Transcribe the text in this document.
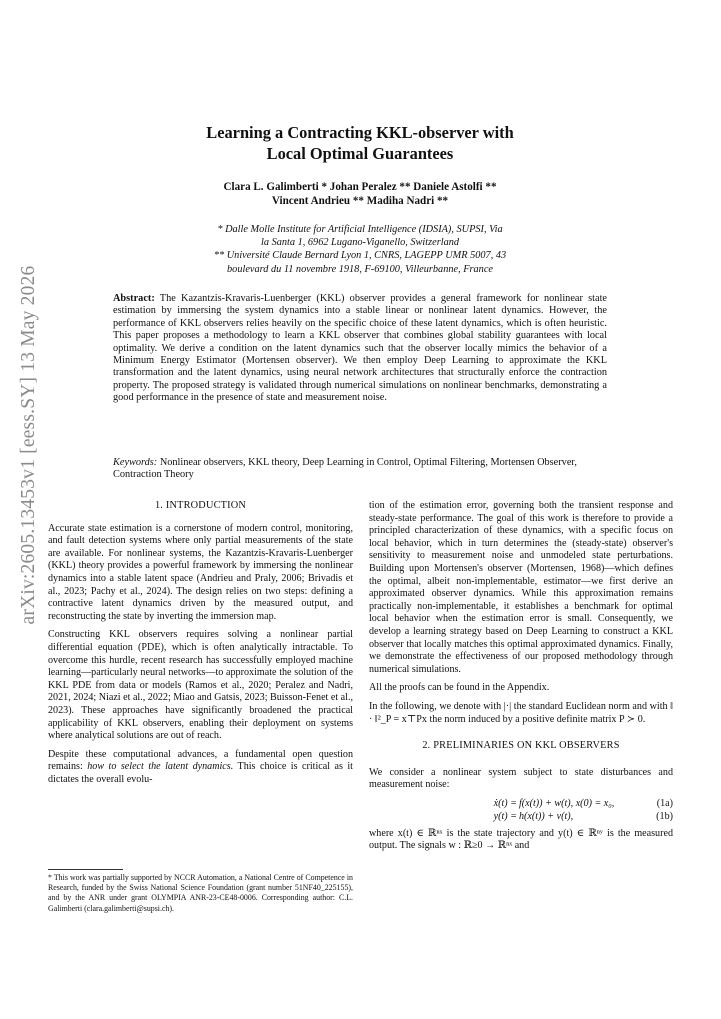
arXiv:2605.13453v1 [eess.SY] 13 May 2026
Learning a Contracting KKL-observer with
Local Optimal Guarantees
Clara L. Galimberti * Johan Peralez ** Daniele Astolfi **
Vincent Andrieu ** Madiha Nadri **
* Dalle Molle Institute for Artificial Intelligence (IDSIA), SUPSI, Via
la Santa 1, 6962 Lugano-Viganello, Switzerland
** Université Claude Bernard Lyon 1, CNRS, LAGEPP UMR 5007, 43
boulevard du 11 novembre 1918, F-69100, Villeurbanne, France
Abstract: The Kazantzis-Kravaris-Luenberger (KKL) observer provides a general framework for nonlinear state estimation by immersing the system dynamics into a stable linear or nonlinear latent dynamics. However, the performance of KKL observers relies heavily on the specific choice of these latent dynamics, which is often heuristic. This paper proposes a methodology to learn a KKL observer that combines global stability guarantees with local optimality. We derive a condition on the latent dynamics such that the observer locally mimics the behavior of a Minimum Energy Estimator (Mortensen observer). We then employ Deep Learning to approximate the KKL transformation and the latent dynamics, using neural network architectures that structurally enforce the contraction property. The proposed strategy is validated through numerical simulations on nonlinear benchmarks, demonstrating a good performance in the presence of state and measurement noise.
Keywords: Nonlinear observers, KKL theory, Deep Learning in Control, Optimal Filtering, Mortensen Observer, Contraction Theory
1. INTRODUCTION

Accurate state estimation is a cornerstone of modern control, monitoring, and fault detection systems where only partial measurements of the state are available. For nonlinear systems, the Kazantzis-Kravaris-Luenberger (KKL) theory provides a powerful framework by immersing the nonlinear dynamics into a stable latent space (Andrieu and Praly, 2006; Brivadis et al., 2023; Pachy et al., 2024). The design relies on two steps: defining a contractive latent dynamics driven by the measured output, and reconstructing the state by inverting the immersion map.

Constructing KKL observers requires solving a nonlinear partial differential equation (PDE), which is often analytically intractable. To overcome this hurdle, recent research has successfully employed machine learning—particularly neural networks—to approximate the solution of the KKL PDE from data or models (Ramos et al., 2020; Peralez and Nadri, 2021, 2024; Niazi et al., 2022; Miao and Gatsis, 2023; Buisson-Fenet et al., 2023). These approaches have significantly broadened the practical applicability of KKL observers, enabling their deployment on systems where analytical solutions are out of reach.

Despite these computational advances, a fundamental open question remains: how to select the latent dynamics. This choice is critical as it dictates the overall evolu-

* This work was partially supported by NCCR Automation, a National Centre of Competence in Research, funded by the Swiss National Science Foundation (grant number 51NF40_225155), and by the ANR under grant OLYMPIA ANR-23-CE48-0006. Corresponding author: C.L. Galimberti (clara.galimberti@supsi.ch).

tion of the estimation error, governing both the transient response and steady-state performance. The goal of this work is therefore to provide a principled characterization of these dynamics, with a specific focus on local behavior, which in turn determines the (steady-state) observer's sensitivity to measurement noise and unmodeled state perturbations. Building upon Mortensen's observer (Mortensen, 1968)—which defines the optimal, albeit non-implementable, estimator—we first derive an approximated observer dynamics. While this approximation remains practically non-implementable, it establishes a benchmark for optimal local behavior when the estimation error is small. Consequently, we develop a learning strategy based on Deep Learning to construct a KKL observer that locally matches this optimal approximated dynamics. Finally, we demonstrate the effectiveness of our proposed methodology through numerical simulations.

All the proofs can be found in the Appendix.

In the following, we denote with |·| the standard Euclidean norm and with ‖ · ‖²_P = x⊤Px the norm induced by a positive definite matrix P ≻ 0.

2. PRELIMINARIES ON KKL OBSERVERS

We consider a nonlinear system subject to state disturbances and measurement noise:

ẋ(t) = f(x(t)) + w(t), x(0) = x₀,	(1a)
y(t) = h(x(t)) + v(t),	(1b)

where x(t) ∈ ℝⁿˣ is the state trajectory and y(t) ∈ ℝⁿʸ is the measured output. The signals w : ℝ≥0 → ℝⁿˣ and
